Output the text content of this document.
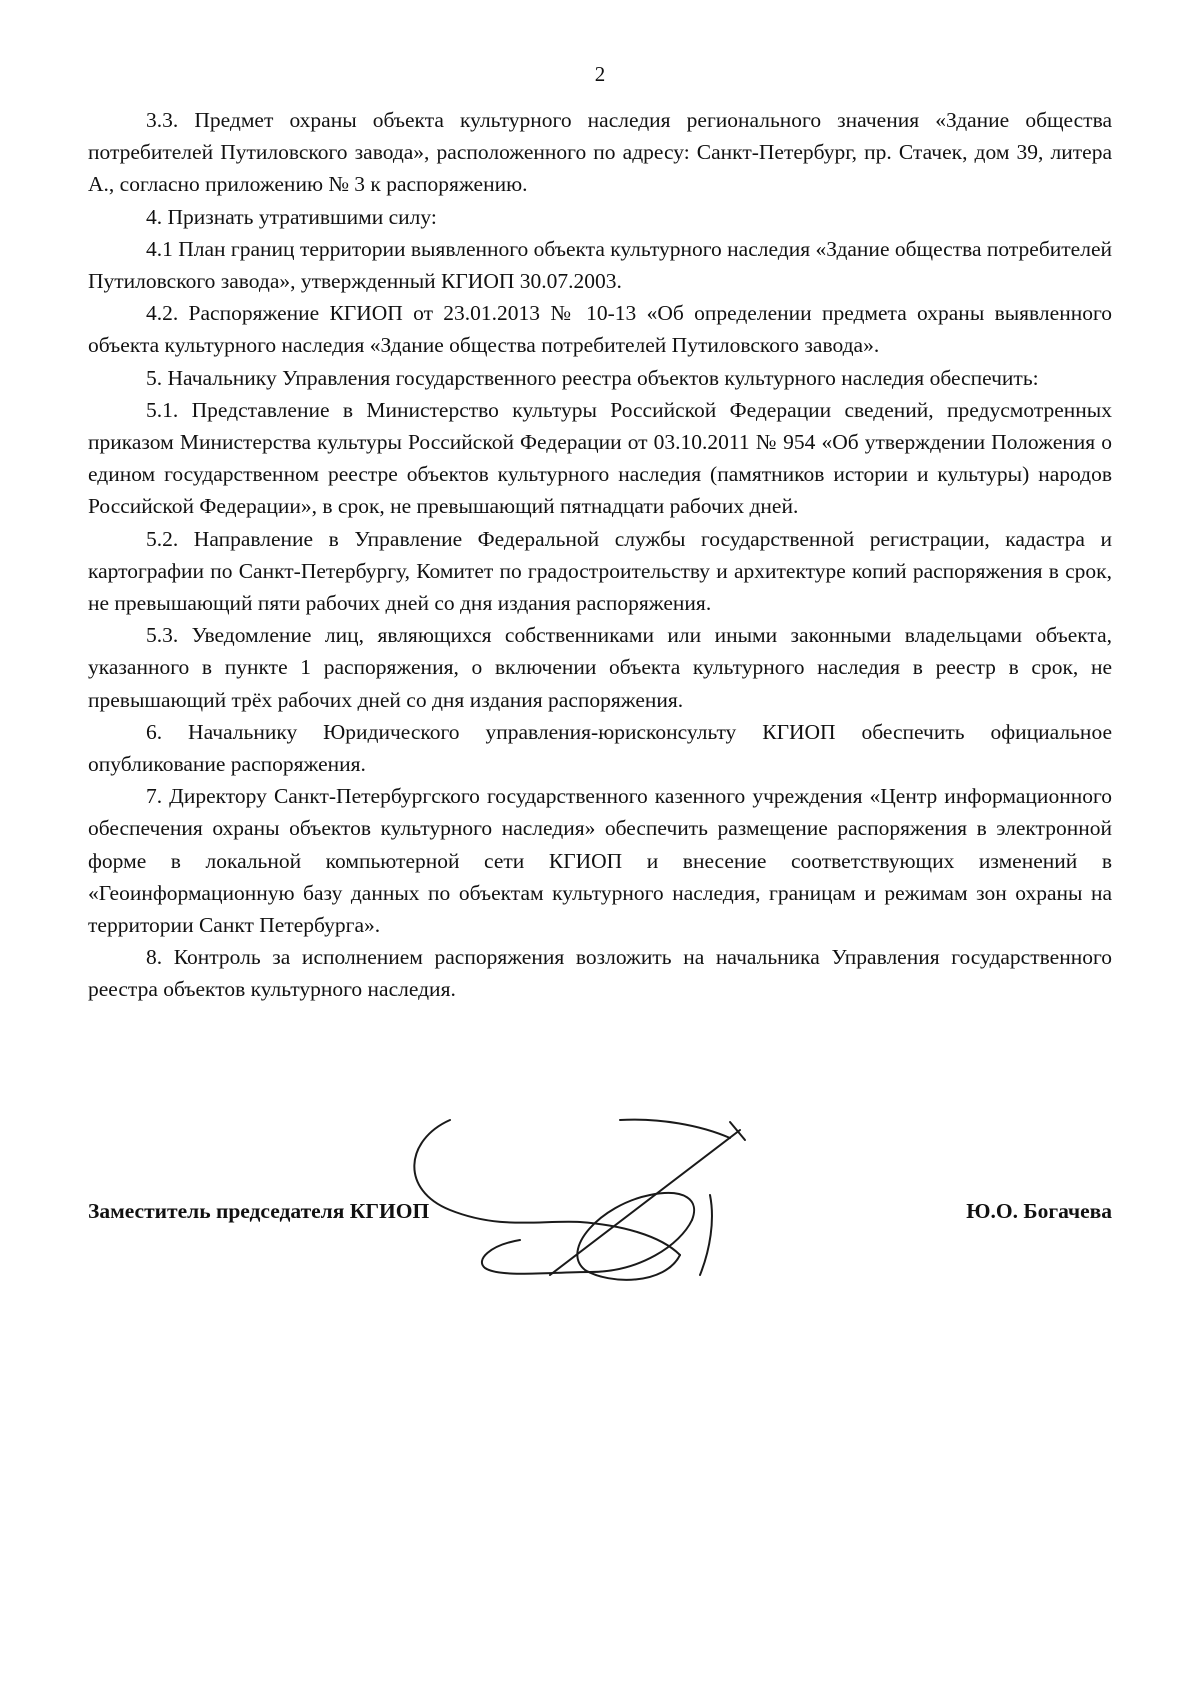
2

3.3. Предмет охраны объекта культурного наследия регионального значения «Здание общества потребителей Путиловского завода», расположенного по адресу: Санкт-Петербург, пр. Стачек, дом 39, литера А., согласно приложению № 3 к распоряжению.

4. Признать утратившими силу:

4.1 План границ территории выявленного объекта культурного наследия «Здание общества потребителей Путиловского завода», утвержденный КГИОП 30.07.2003.

4.2. Распоряжение КГИОП от 23.01.2013 № 10-13 «Об определении предмета охраны выявленного объекта культурного наследия «Здание общества потребителей Путиловского завода».

5. Начальнику Управления государственного реестра объектов культурного наследия обеспечить:

5.1. Представление в Министерство культуры Российской Федерации сведений, предусмотренных приказом Министерства культуры Российской Федерации от 03.10.2011 № 954 «Об утверждении Положения о едином государственном реестре объектов культурного наследия (памятников истории и культуры) народов Российской Федерации», в срок, не превышающий пятнадцати рабочих дней.

5.2. Направление в Управление Федеральной службы государственной регистрации, кадастра и картографии по Санкт-Петербургу, Комитет по градостроительству и архитектуре копий распоряжения в срок, не превышающий пяти рабочих дней со дня издания распоряжения.

5.3. Уведомление лиц, являющихся собственниками или иными законными владельцами объекта, указанного в пункте 1 распоряжения, о включении объекта культурного наследия в реестр в срок, не превышающий трёх рабочих дней со дня издания распоряжения.

6. Начальнику Юридического управления-юрисконсульту КГИОП обеспечить официальное опубликование распоряжения.

7. Директору Санкт-Петербургского государственного казенного учреждения «Центр информационного обеспечения охраны объектов культурного наследия» обеспечить размещение распоряжения в электронной форме в локальной компьютерной сети КГИОП и внесение соответствующих изменений в «Геоинформационную базу данных по объектам культурного наследия, границам и режимам зон охраны на территории Санкт Петербурга».

8. Контроль за исполнением распоряжения возложить на начальника Управления государственного реестра объектов культурного наследия.

Заместитель председателя КГИОП	Ю.О. Богачева
